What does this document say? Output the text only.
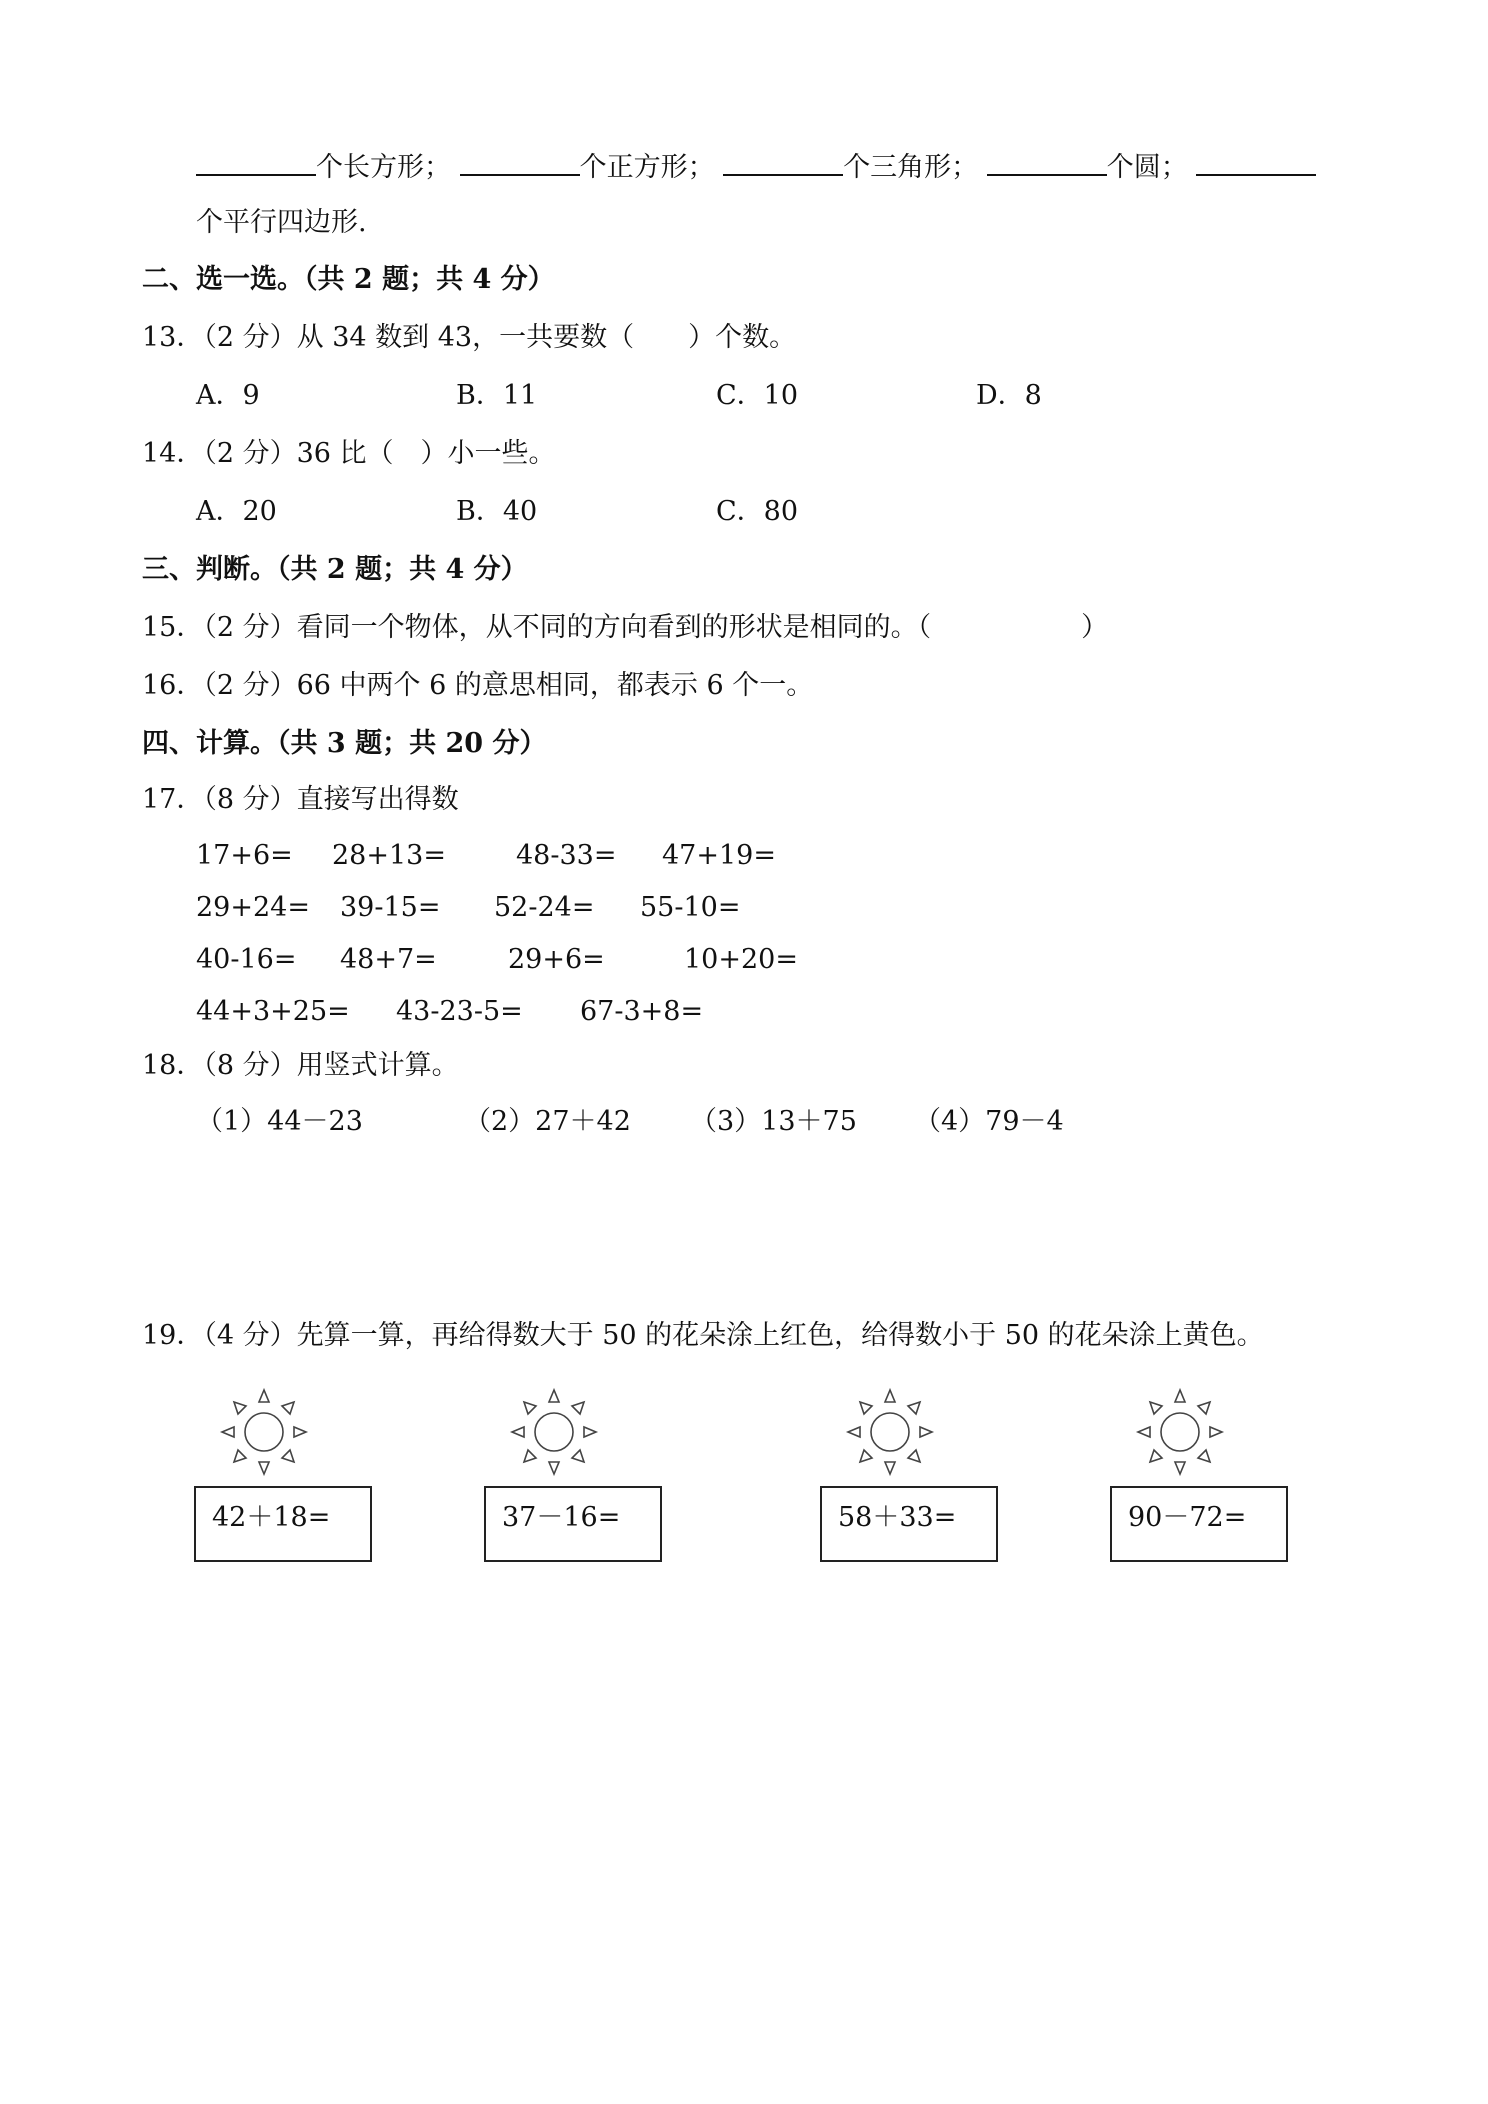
个长方形；	个正方形；	个三角形；	个圆；
个平行四边形.
二、选一选。（共 2 题；共 4 分）
13．（2 分）从 34 数到 43，一共要数（　　）个数。
A．9	B．11	C．10	D．8
14．（2 分）36 比（　）小一些。
A．20	B．40	C．80
三、判断。（共 2 题；共 4 分）
15．（2 分）看同一个物体，从不同的方向看到的形状是相同的。（	）
16．（2 分）66 中两个 6 的意思相同，都表示 6 个一。
四、计算。（共 3 题；共 20 分）
17．（8 分）直接写出得数
17+6= 28+13=	48-33= 47+19=
29+24= 39-15= 52-24= 55-10=
40-16= 48+7=	29+6=	10+20=
44+3+25= 43-23-5= 67-3+8=
18．（8 分）用竖式计算。
（1）44－23	（2）27＋42 （3）13＋75 （4）79－4
19．（4 分）先算一算，再给得数大于 50 的花朵涂上红色，给得数小于 50 的花朵涂上黄色。
42＋18=	37－16=	58＋33=	90－72=
